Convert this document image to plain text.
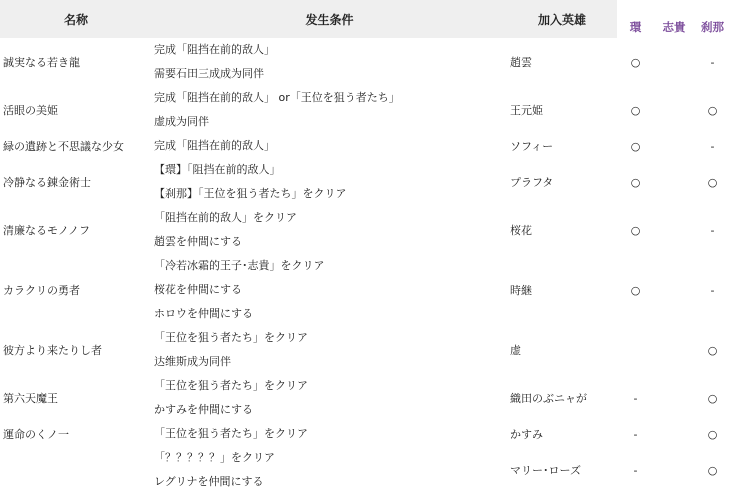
名称	发生条件	加入英雄	環	志貴	刹那
誠実なる若き龍	完成「阻挡在前的敌人」
需要石田三成成为同伴	趙雲	○		-
活眼の美姫	完成「阻挡在前的敌人」 or「王位を狙う者たち」
虚成为同伴	王元姫	○		○
緑の遺跡と不思議な少女	完成「阻挡在前的敌人」	ソフィー	○		-
冷静なる錬金術士	【環】「阻挡在前的敌人」
【刹那】「王位を狙う者たち」をクリア	プラフタ	○		○
清廉なるモノノフ	「阻挡在前的敌人」をクリア
趙雲を仲間にする	桜花	○		-
カラクリの勇者	「冷若冰霜的王子･志貴」をクリア
桜花を仲間にする
ホロウを仲間にする	時継	○		-
彼方より来たりし者	「王位を狙う者たち」をクリア
达维斯成为同伴	虚			○
第六天魔王	「王位を狙う者たち」をクリア
かすみを仲間にする	織田のぶニャが	-		○
運命のくノ一	「王位を狙う者たち」をクリア	かすみ	-		○

	「？？？？？」をクリア
レグリナを仲間にする	マリー･ローズ	-		○
